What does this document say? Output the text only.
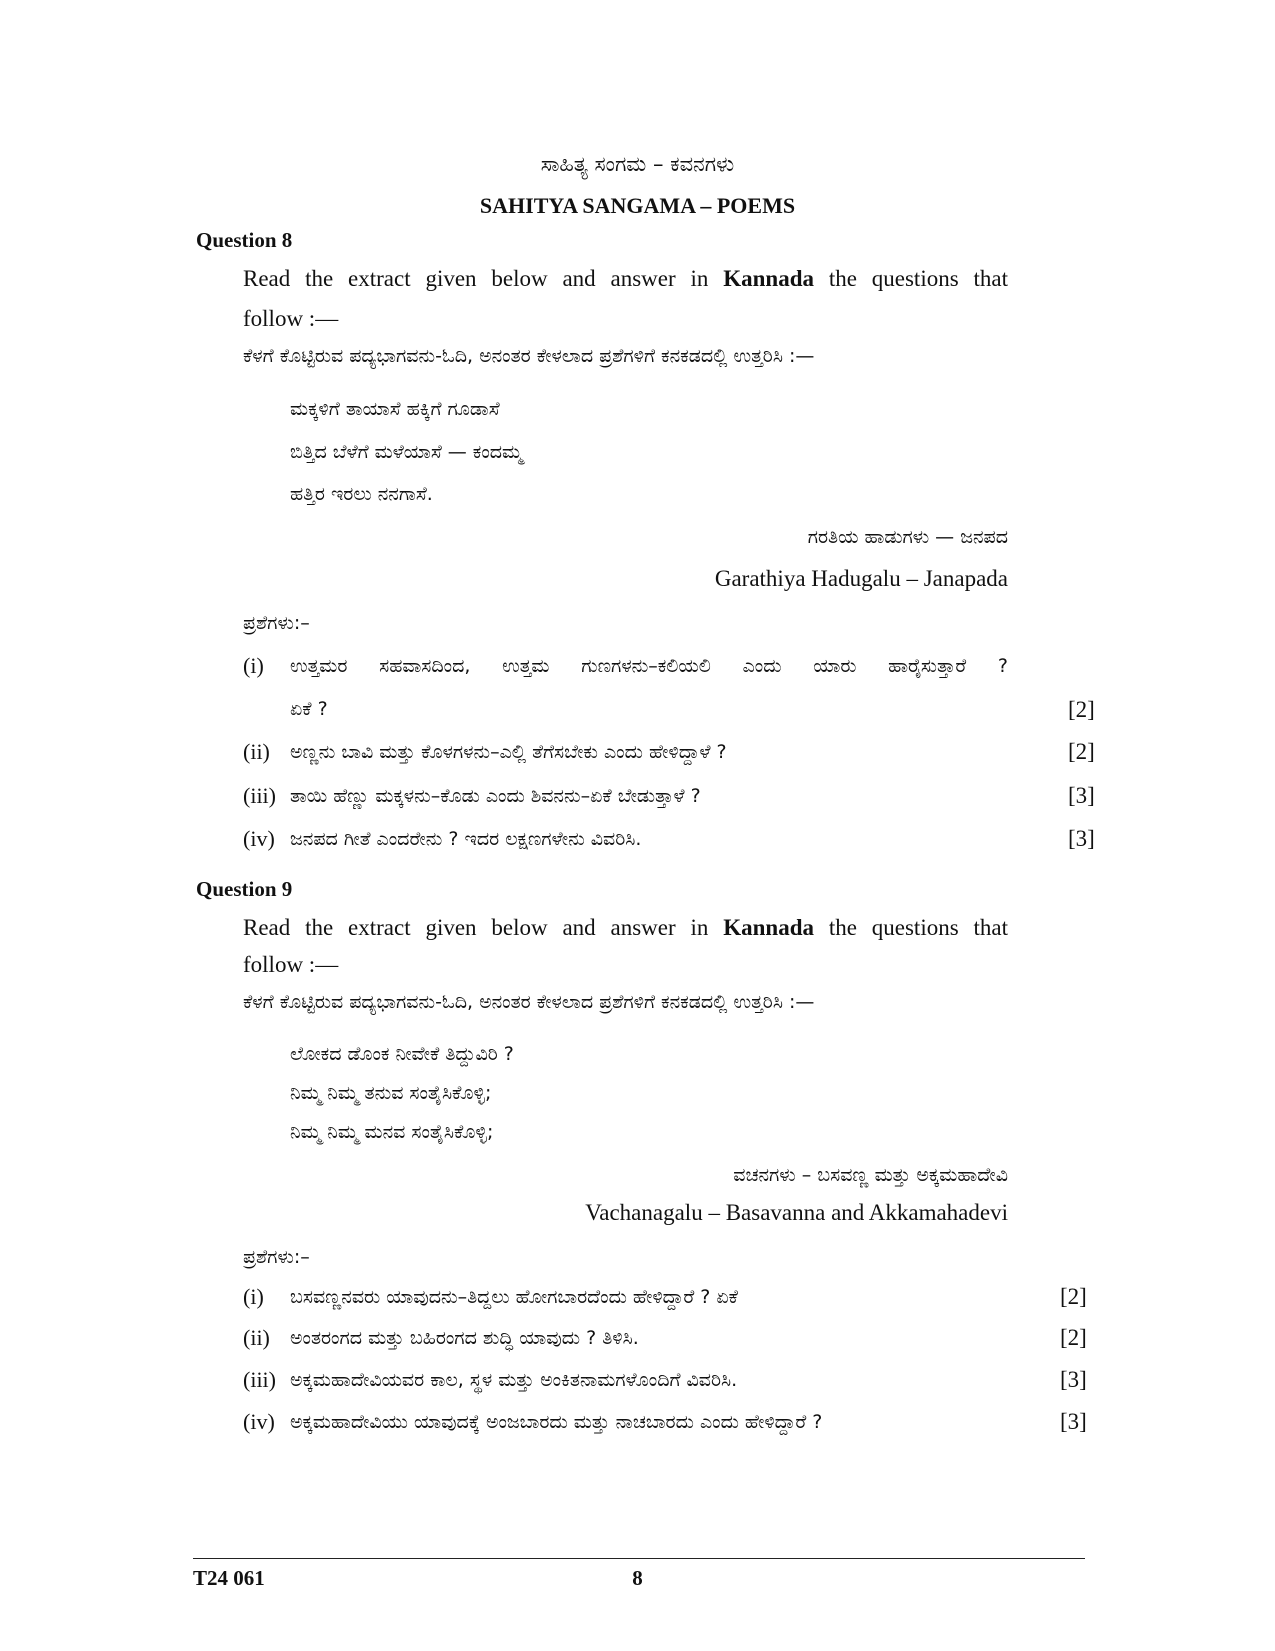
ಸಾಹಿತ್ಯ ಸಂಗಮ – ಕವನಗಳು
SAHITYA SANGAMA – POEMS
Question 8
Read the extract given below and answer in Kannada the questions that
follow :—
ಕೆಳಗೆ ಕೊಟ್ಟಿರುವ ಪದ್ಯಭಾಗವನು-ಓದಿ, ಅನಂತರ ಕೇಳಲಾದ ಪ್ರಶೆಗಳಿಗೆ ಕನಕಡದಲ್ಲಿ ಉತ್ತರಿಸಿ :—
ಮಕ್ಕಳಿಗೆ ತಾಯಾಸೆ ಹಕ್ಕಿಗೆ ಗೂಡಾಸೆ
ಬಿತ್ತಿದ ಬೆಳೆಗೆ ಮಳೆಯಾಸೆ — ಕಂದಮ್ಮ
ಹತ್ತಿರ ಇರಲು ನನಗಾಸೆ.
ಗರತಿಯ ಹಾಡುಗಳು — ಜನಪದ
Garathiya Hadugalu – Janapada
ಪ್ರಶೆಗಳು:–
(i) ಉತ್ತಮರ ಸಹವಾಸದಿಂದ, ಉತ್ತಮ ಗುಣಗಳನು–ಕಲಿಯಲಿ ಎಂದು ಯಾರು ಹಾರೈಸುತ್ತಾರೆ ?
ಏಕೆ ?	[2]
(ii) ಅಣ್ಣನು ಬಾವಿ ಮತ್ತು ಕೊಳಗಳನು–ಎಲ್ಲಿ ತೆಗೆಸಬೇಕು ಎಂದು ಹೇಳಿದ್ದಾಳೆ ?	[2]
(iii) ತಾಯಿ ಹೆಣ್ಣು ಮಕ್ಕಳನು–ಕೊಡು ಎಂದು ಶಿವನನು–ಏಕೆ ಬೇಡುತ್ತಾಳೆ ?	[3]
(iv) ಜನಪದ ಗೀತೆ ಎಂದರೇನು ? ಇದರ ಲಕ್ಷಣಗಳೇನು ವಿವರಿಸಿ.	[3]
Question 9
Read the extract given below and answer in Kannada the questions that
follow :—
ಕೆಳಗೆ ಕೊಟ್ಟಿರುವ ಪದ್ಯಭಾಗವನು-ಓದಿ, ಅನಂತರ ಕೇಳಲಾದ ಪ್ರಶೆಗಳಿಗೆ ಕನಕಡದಲ್ಲಿ ಉತ್ತರಿಸಿ :—
ಲೋಕದ ಡೊಂಕ ನೀವೇಕೆ ತಿದ್ದುವಿರಿ ?
ನಿಮ್ಮ ನಿಮ್ಮ ತನುವ ಸಂತೈಸಿಕೊಳ್ಳಿ;
ನಿಮ್ಮ ನಿಮ್ಮ ಮನವ ಸಂತೈಸಿಕೊಳ್ಳಿ;
ವಚನಗಳು – ಬಸವಣ್ಣ ಮತ್ತು ಅಕ್ಕಮಹಾದೇವಿ
Vachanagalu – Basavanna and Akkamahadevi
ಪ್ರಶೆಗಳು:–
(i) ಬಸವಣ್ಣನವರು ಯಾವುದನು–ತಿದ್ದಲು ಹೋಗಬಾರದೆಂದು ಹೇಳಿದ್ದಾರೆ ? ಏಕೆ	[2]
(ii) ಅಂತರಂಗದ ಮತ್ತು ಬಹಿರಂಗದ ಶುದ್ಧಿ ಯಾವುದು ? ತಿಳಿಸಿ.	[2]
(iii) ಅಕ್ಕಮಹಾದೇವಿಯವರ ಕಾಲ, ಸ್ಥಳ ಮತ್ತು ಅಂಕಿತನಾಮಗಳೊಂದಿಗೆ ವಿವರಿಸಿ.	[3]
(iv) ಅಕ್ಕಮಹಾದೇವಿಯು ಯಾವುದಕ್ಕೆ ಅಂಜಬಾರದು ಮತ್ತು ನಾಚಬಾರದು ಎಂದು ಹೇಳಿದ್ದಾರೆ ?	[3]
T24 061	8
